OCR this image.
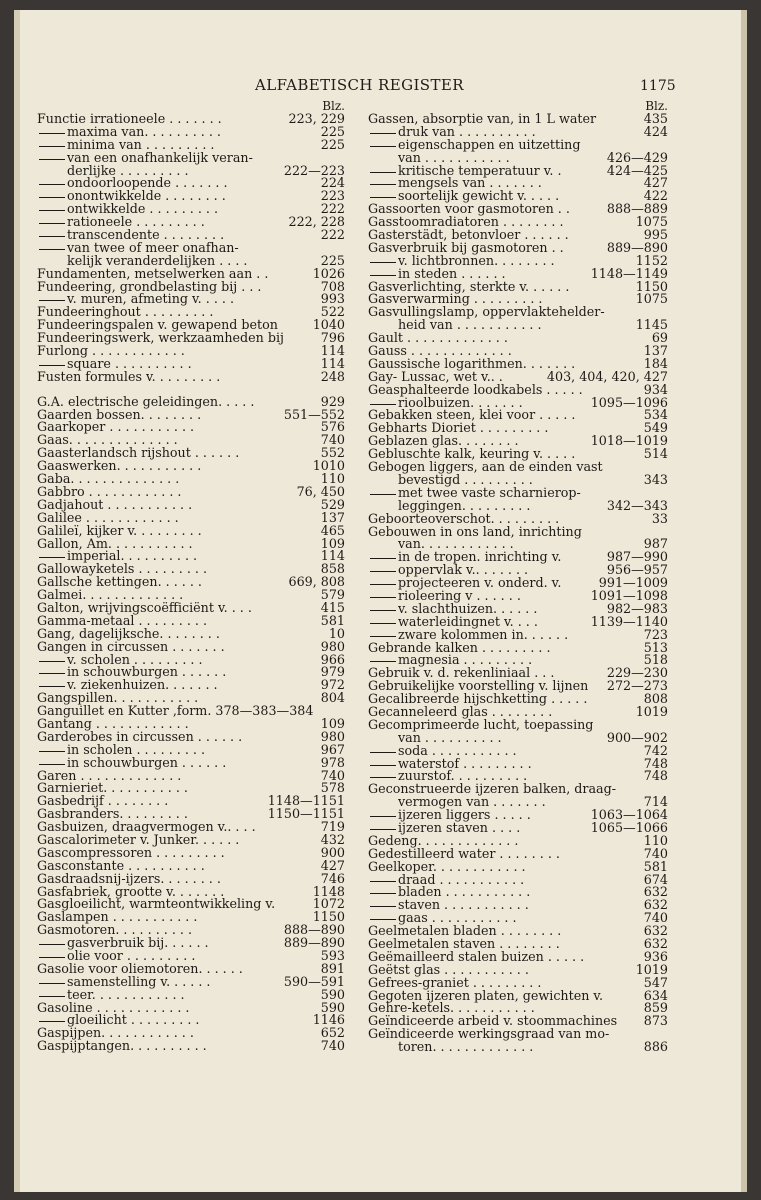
ALFABETISCH REGISTER	1175
Blz.
Functie irrationeele . . . . . . .	223, 229
maxima van. . . . . . . . . .	225
minima van . . . . . . . . .	225
van een onafhankelijk veran-
derlijke . . . . . . . . .	222—223
ondoorloopende . . . . . . .	224
onontwikkelde . . . . . . . .	223
ontwikkelde . . . . . . . . .	222
rationeele . . . . . . . . .	222, 228
transcendente . . . . . . . .	222
van twee of meer onafhan-
kelijk veranderdelijken . . . .	225
Fundamenten, metselwerken aan . .	1026
Fundeering, grondbelasting bij . . .	708
v. muren, afmeting v. . . . .	993
Fundeeringhout . . . . . . . . .	522
Fundeeringspalen v. gewapend beton	1040
Fundeeringswerk, werkzaamheden bij	796
Furlong . . . . . . . . . . . .	114
square . . . . . . . . . .	114
Fusten formules v. . . . . . . . .	248
G.A. electrische geleidingen. . . . .	929
Gaarden bossen. . . . . . . .	551—552
Gaarkoper . . . . . . . . . . .	576
Gaas. . . . . . . . . . . . . .	740
Gaasterlandsch rijshout . . . . . .	552
Gaaswerken. . . . . . . . . . .	1010
Gaba. . . . . . . . . . . . . .	110
Gabbro . . . . . . . . . . . .	76, 450
Gadjahout . . . . . . . . . . .	529
Galilee . . . . . . . . . . . .	137
Galileï, kijker v. . . . . . . . .	465
Gallon, Am. . . . . . . . . . .	109
imperial. . . . . . . . . .	114
Gallowayketels . . . . . . . . .	858
Gallsche kettingen. . . . . .	669, 808
Galmei. . . . . . . . . . . . .	579
Galton, wrijvingscoëfficiënt v. . . .	415
Gamma-metaal . . . . . . . . .	581
Gang, dagelijksche. . . . . . . .	10
Gangen in circussen . . . . . . .	980
v. scholen . . . . . . . . .	966
in schouwburgen . . . . . .	979
v. ziekenhuizen. . . . . . .	972
Gangspillen. . . . . . . . . . .	804
Ganguillet en Kutter ,form. 378—383—384
Gantang . . . . . . . . . . . .	109
Garderobes in circussen . . . . . .	980
in scholen . . . . . . . . .	967
in schouwburgen . . . . . .	978
Garen . . . . . . . . . . . . .	740
Garnieriet. . . . . . . . . . .	578
Gasbedrijf . . . . . . . .	1148—1151
Gasbranders. . . . . . . . .	1150—1151
Gasbuizen, draagvermogen v.. . . .	719
Gascalorimeter v. Junker. . . . . .	432
Gascompressoren . . . . . . . . .	900
Gasconstante . . . . . . . . . .	427
Gasdraadsnij-ijzers. . . . . . . .	746
Gasfabriek, grootte v. . . . . . .	1148
Gasgloeilicht, warmteontwikkeling v.	1072
Gaslampen . . . . . . . . . . .	1150
Gasmotoren. . . . . . . . . .	888—890
gasverbruik bij. . . . . .	889—890
olie voor . . . . . . . . .	593
Gasolie voor oliemotoren. . . . . .	891
samenstelling v. . . . . .	590—591
teer. . . . . . . . . . . .	590
Gasoline . . . . . . . . . . . .	590
gloeilicht . . . . . . . . .	1146
Gaspijpen. . . . . . . . . . . .	652
Gaspijptangen. . . . . . . . . .	740
Blz.
Gassen, absorptie van, in 1 L water	435
druk van . . . . . . . . . .	424
eigenschappen en uitzetting
van . . . . . . . . . . .	426—429
kritische temperatuur v. .	424—425
mengsels van . . . . . . .	427
soortelijk gewicht v. . . . .	422
Gassoorten voor gasmotoren . .	888—889
Gasstoomradiatoren . . . . . . . .	1075
Gasterstädt, betonvloer . . . . . .	995
Gasverbruik bij gasmotoren . .	889—890
v. lichtbronnen. . . . . . . .	1152
in steden . . . . . .	1148—1149
Gasverlichting, sterkte v. . . . . .	1150
Gasverwarming . . . . . . . . .	1075
Gasvullingslamp, oppervlaktehelder-
heid van . . . . . . . . . . .	1145
Gault . . . . . . . . . . . . .	69
Gauss . . . . . . . . . . . . .	137
Gaussische logarithmen. . . . . . .	184
Gay- Lussac, wet v.. .	403, 404, 420, 427
Geasphalteerde loodkabels . . . . .	934
rioolbuizen. . . . . . .	1095—1096
Gebakken steen, klei voor . . . . .	534
Gebharts Dioriet . . . . . . . . .	549
Geblazen glas. . . . . . . .	1018—1019
Gebluschte kalk, keuring v. . . . .	514
Gebogen liggers, aan de einden vast
bevestigd . . . . . . . . .	343
met twee vaste scharnierop-
leggingen. . . . . . . . .	342—343
Geboorteoverschot. . . . . . . . .	33
Gebouwen in ons land, inrichting
van. . . . . . . . . . . .	987
in de tropen. inrichting v.	987—990
oppervlak v.. . . . . . .	956—957
projecteeren v. onderd. v.	991—1009
rioleering v . . . . . .	1091—1098
v. slachthuizen. . . . . .	982—983
waterleidingnet v. . . .	1139—1140
zware kolommen in. . . . . .	723
Gebrande kalken . . . . . . . . .	513
magnesia . . . . . . . . .	518
Gebruik v. d. rekenliniaal . . .	229—230
Gebruikelijke voorstelling v. lijnen 272—273
Gecalibreerde hijschketting . . . . .	808
Gecanneleerd glas . . . . . . . .	1019
Gecomprimeerde lucht, toepassing
van . . . . . . . . . .	900—902
soda . . . . . . . . . . .	742
waterstof . . . . . . . . .	748
zuurstof. . . . . . . . . .	748
Geconstrueerde ijzeren balken, draag-
vermogen van . . . . . . .	714
ijzeren liggers . . . . .	1063—1064
ijzeren staven . . . .	1065—1066
Gedeng. . . . . . . . . . . . .	110
Gedestilleerd water . . . . . . . .	740
Geelkoper. . . . . . . . . . . .	581
draad . . . . . . . . . . .	674
bladen . . . . . . . . . . .	632
staven . . . . . . . . . . .	632
gaas . . . . . . . . . . .	740
Geelmetalen bladen . . . . . . . .	632
Geelmetalen staven . . . . . . . .	632
Geëmailleerd stalen buizen . . . . .	936
Geëtst glas . . . . . . . . . . .	1019
Gefrees-graniet . . . . . . . . .	547
Gegoten ijzeren platen, gewichten v.	634
Gehre-ketels. . . . . . . . . . .	859
Geïndiceerde arbeid v. stoommachines 873
Geïndiceerde werkingsgraad van mo-
toren. . . . . . . . . . . . .	886
